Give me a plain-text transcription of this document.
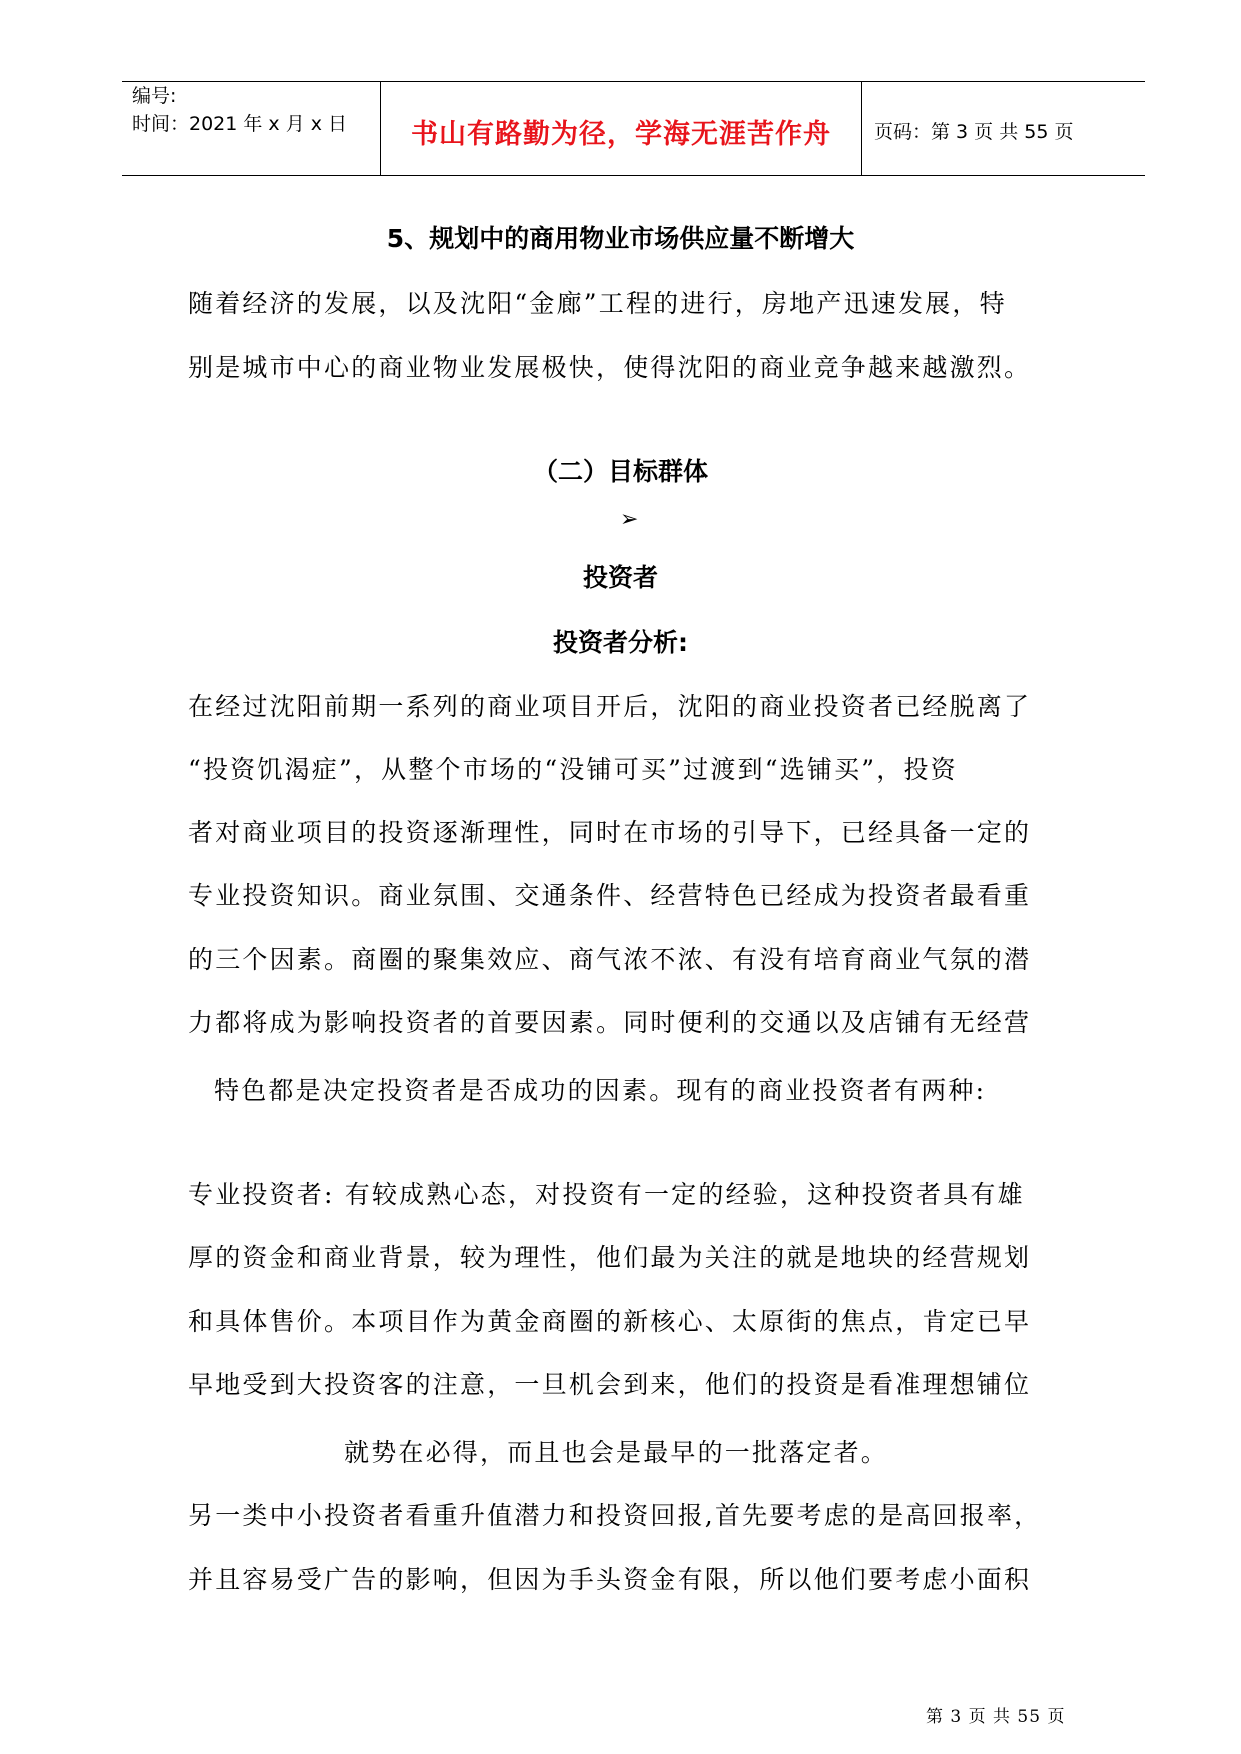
编号:
时间：2021 年 x 月 x 日	书山有路勤为径，学海无涯苦作舟	页码：第 3 页 共 55 页
5、规划中的商用物业市场供应量不断增大
随着经济的发展，以及沈阳“金廊”工程的进行，房地产迅速发展，特
别是城市中心的商业物业发展极快，使得沈阳的商业竞争越来越激烈。
（二）目标群体
➢
投资者
投资者分析:
在经过沈阳前期一系列的商业项目开后，沈阳的商业投资者已经脱离了
“投资饥渴症”，从整个市场的“没铺可买”过渡到“选铺买”，投资
者对商业项目的投资逐渐理性，同时在市场的引导下，已经具备一定的
专业投资知识。商业氛围、交通条件、经营特色已经成为投资者最看重
的三个因素。商圈的聚集效应、商气浓不浓、有没有培育商业气氛的潜
力都将成为影响投资者的首要因素。同时便利的交通以及店铺有无经营
特色都是决定投资者是否成功的因素。现有的商业投资者有两种:
专业投资者: 有较成熟心态，对投资有一定的经验，这种投资者具有雄
厚的资金和商业背景，较为理性，他们最为关注的就是地块的经营规划
和具体售价。本项目作为黄金商圈的新核心、太原街的焦点，肯定已早
早地受到大投资客的注意，一旦机会到来，他们的投资是看准理想铺位
就势在必得，而且也会是最早的一批落定者。
另一类中小投资者看重升值潜力和投资回报,首先要考虑的是高回报率，
并且容易受广告的影响，但因为手头资金有限，所以他们要考虑小面积
第 3 页 共 55 页
